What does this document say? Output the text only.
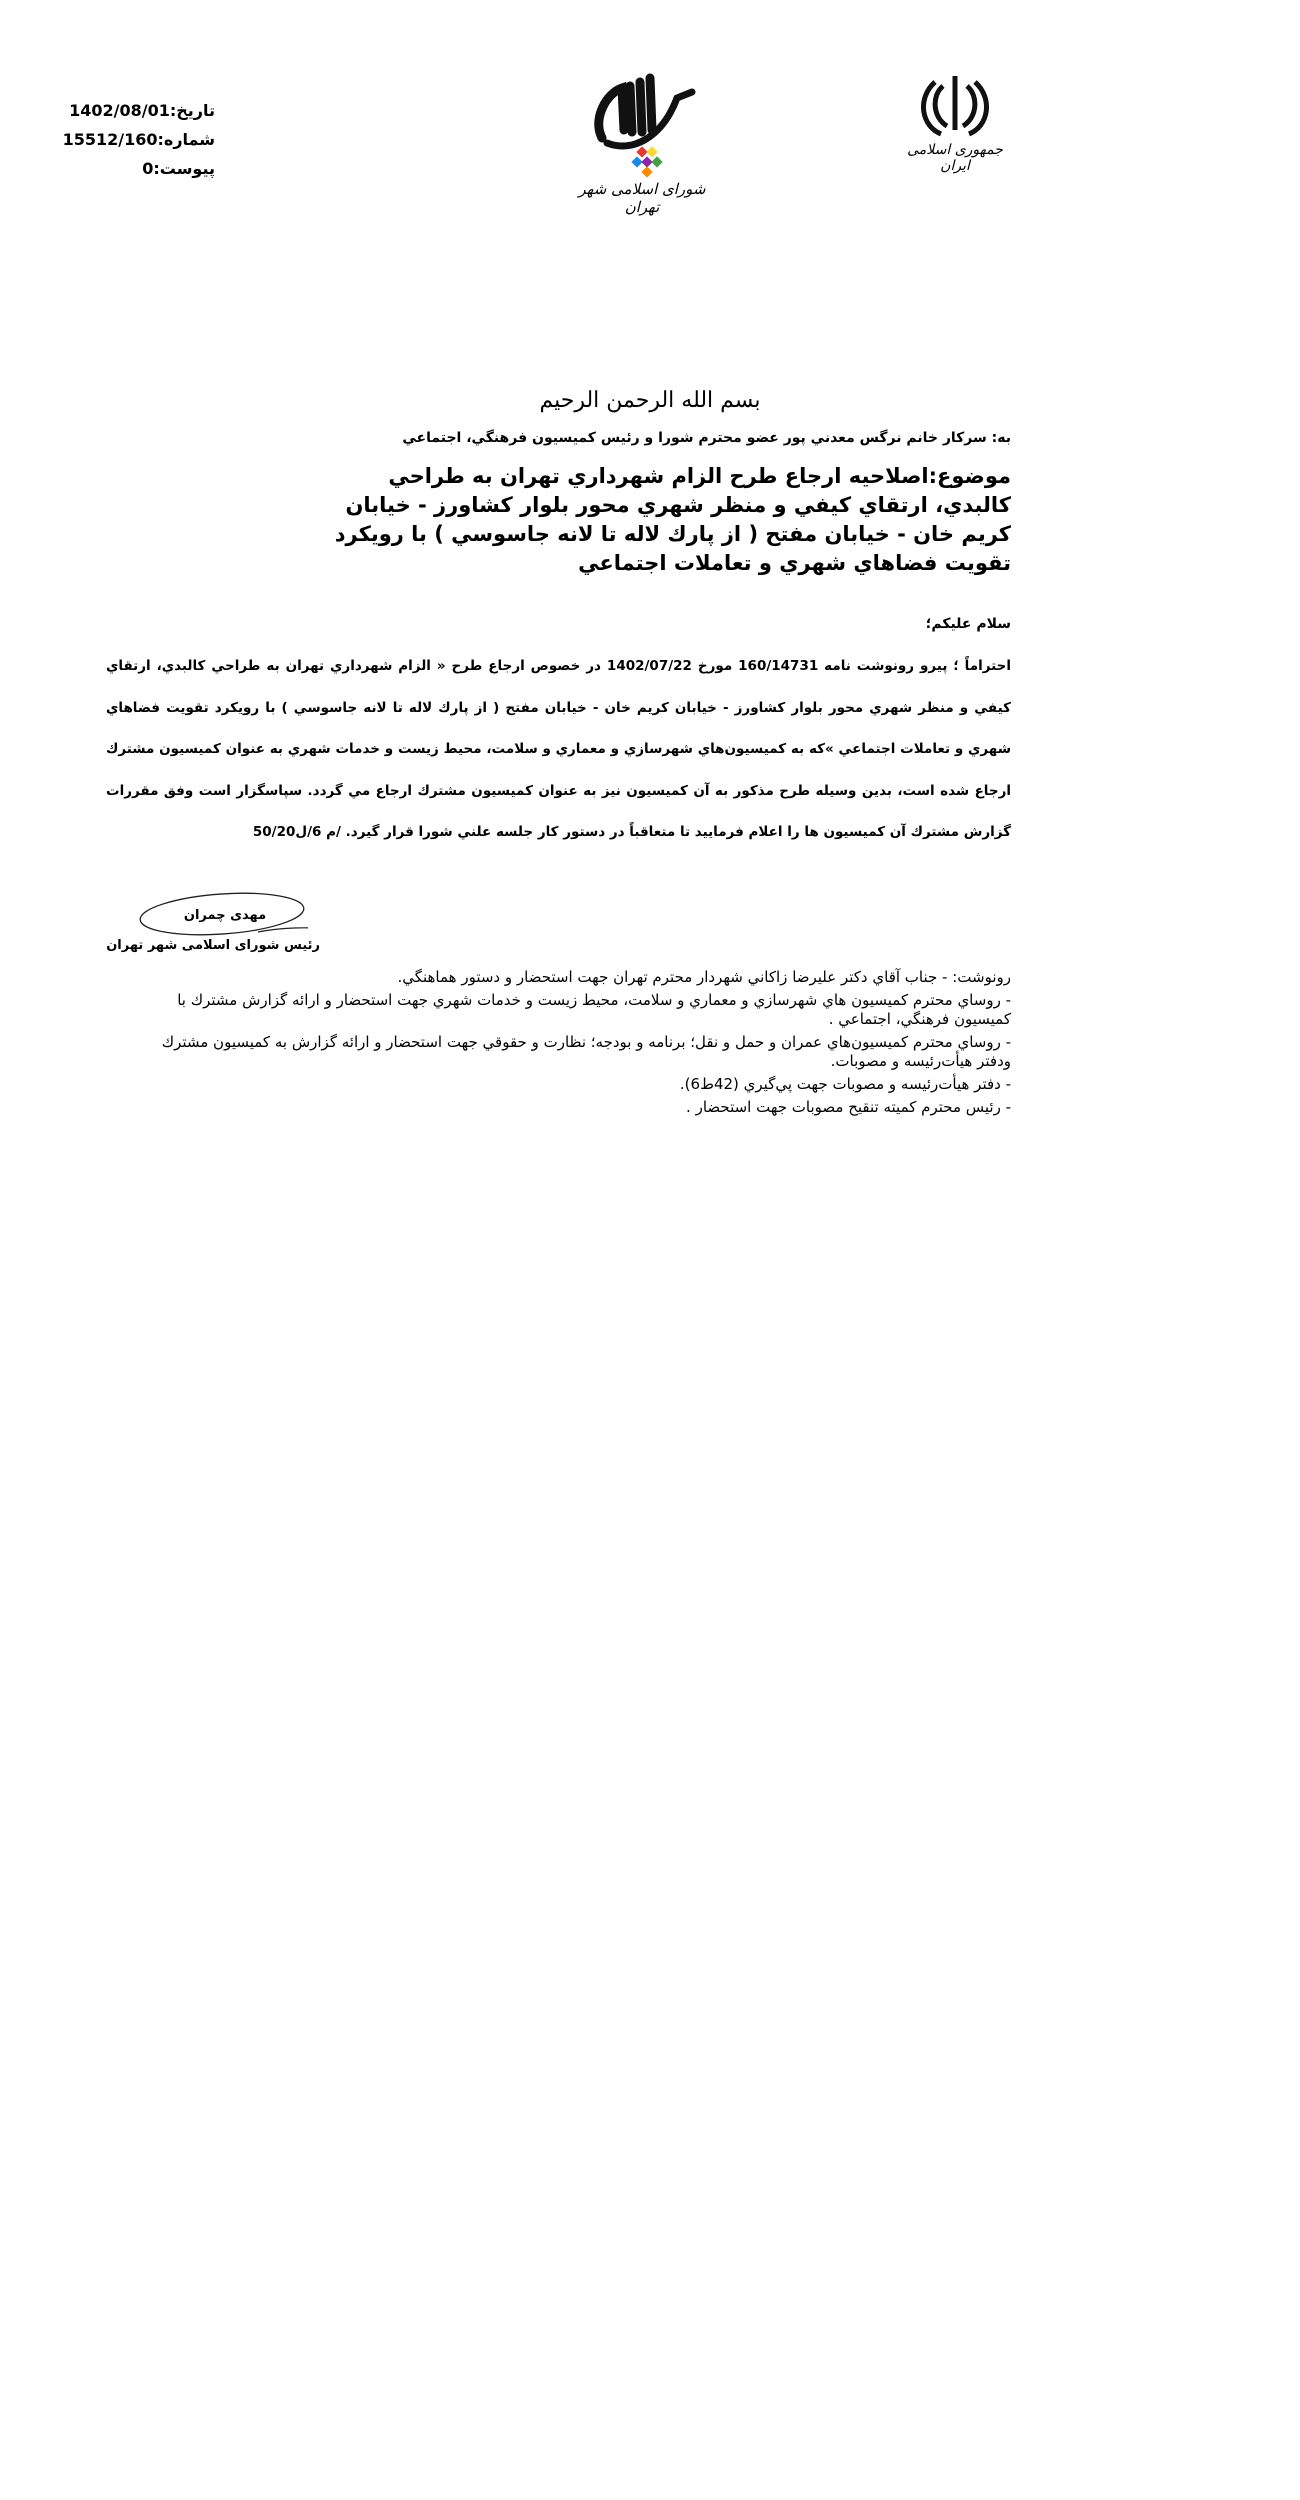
تاريخ:1402/08/01
شماره:15512/160
پيوست:0
شورای اسلامی شهر تهران
جمهوری اسلامی ایران
بسم الله الرحمن الرحيم
به: سركار خانم نرگس معدني پور عضو محترم شورا و رئيس كميسيون فرهنگي، اجتماعي
موضوع:اصلاحيه ارجاع طرح الزام شهرداري تهران به طراحي كالبدي، ارتقاي كيفي و منظر شهري محور بلوار كشاورز - خيابان كريم خان - خيابان مفتح ( از پارك لاله تا لانه جاسوسي ) با رويكرد تقويت فضاهاي شهري و تعاملات اجتماعي
سلام عليكم؛
احتراماً ؛ پيرو رونوشت نامه 160/14731 مورخ 1402/07/22 در خصوص ارجاع طرح « الزام شهرداري تهران به طراحي كالبدي، ارتقاي كيفي و منظر شهري محور بلوار كشاورز - خيابان كريم خان - خيابان مفتح ( از پارك لاله تا لانه جاسوسي ) با رويكرد تقويت فضاهاي شهري و تعاملات اجتماعي »كه به كميسيون‌هاي شهرسازي و معماري و سلامت، محيط زيست و خدمات شهري به عنوان كميسيون مشترك ارجاع شده است، بدين وسيله طرح مذكور به آن كميسيون نيز به عنوان كميسيون مشترك ارجاع مي گردد. سپاسگزار است وفق مقررات گزارش مشترك آن كميسيون ها را اعلام فرماييد تا متعاقباً در دستور كار جلسه علني شورا قرار گيرد. /م 6/ل50/20
مهدی چمران
رئيس شورای اسلامی شهر تهران
رونوشت: - جناب آقاي دكتر عليرضا زاكاني شهردار محترم تهران جهت استحضار و دستور هماهنگي.
- روساي محترم كميسيون هاي شهرسازي و معماري و سلامت، محيط زيست و خدمات شهري جهت استحضار و ارائه گزارش مشترك با كميسيون فرهنگي، اجتماعي .
- روساي محترم كميسيون‌هاي عمران و حمل و نقل؛ برنامه و بودجه؛ نظارت و حقوقي جهت استحضار و ارائه گزارش به كميسيون مشترك ودفتر هيأت‌رئيسه و مصوبات.
- دفتر هيأت‌رئيسه و مصوبات جهت پي‌گيري (42ط6).
- رئيس محترم كميته تنقيح مصوبات جهت استحضار .
